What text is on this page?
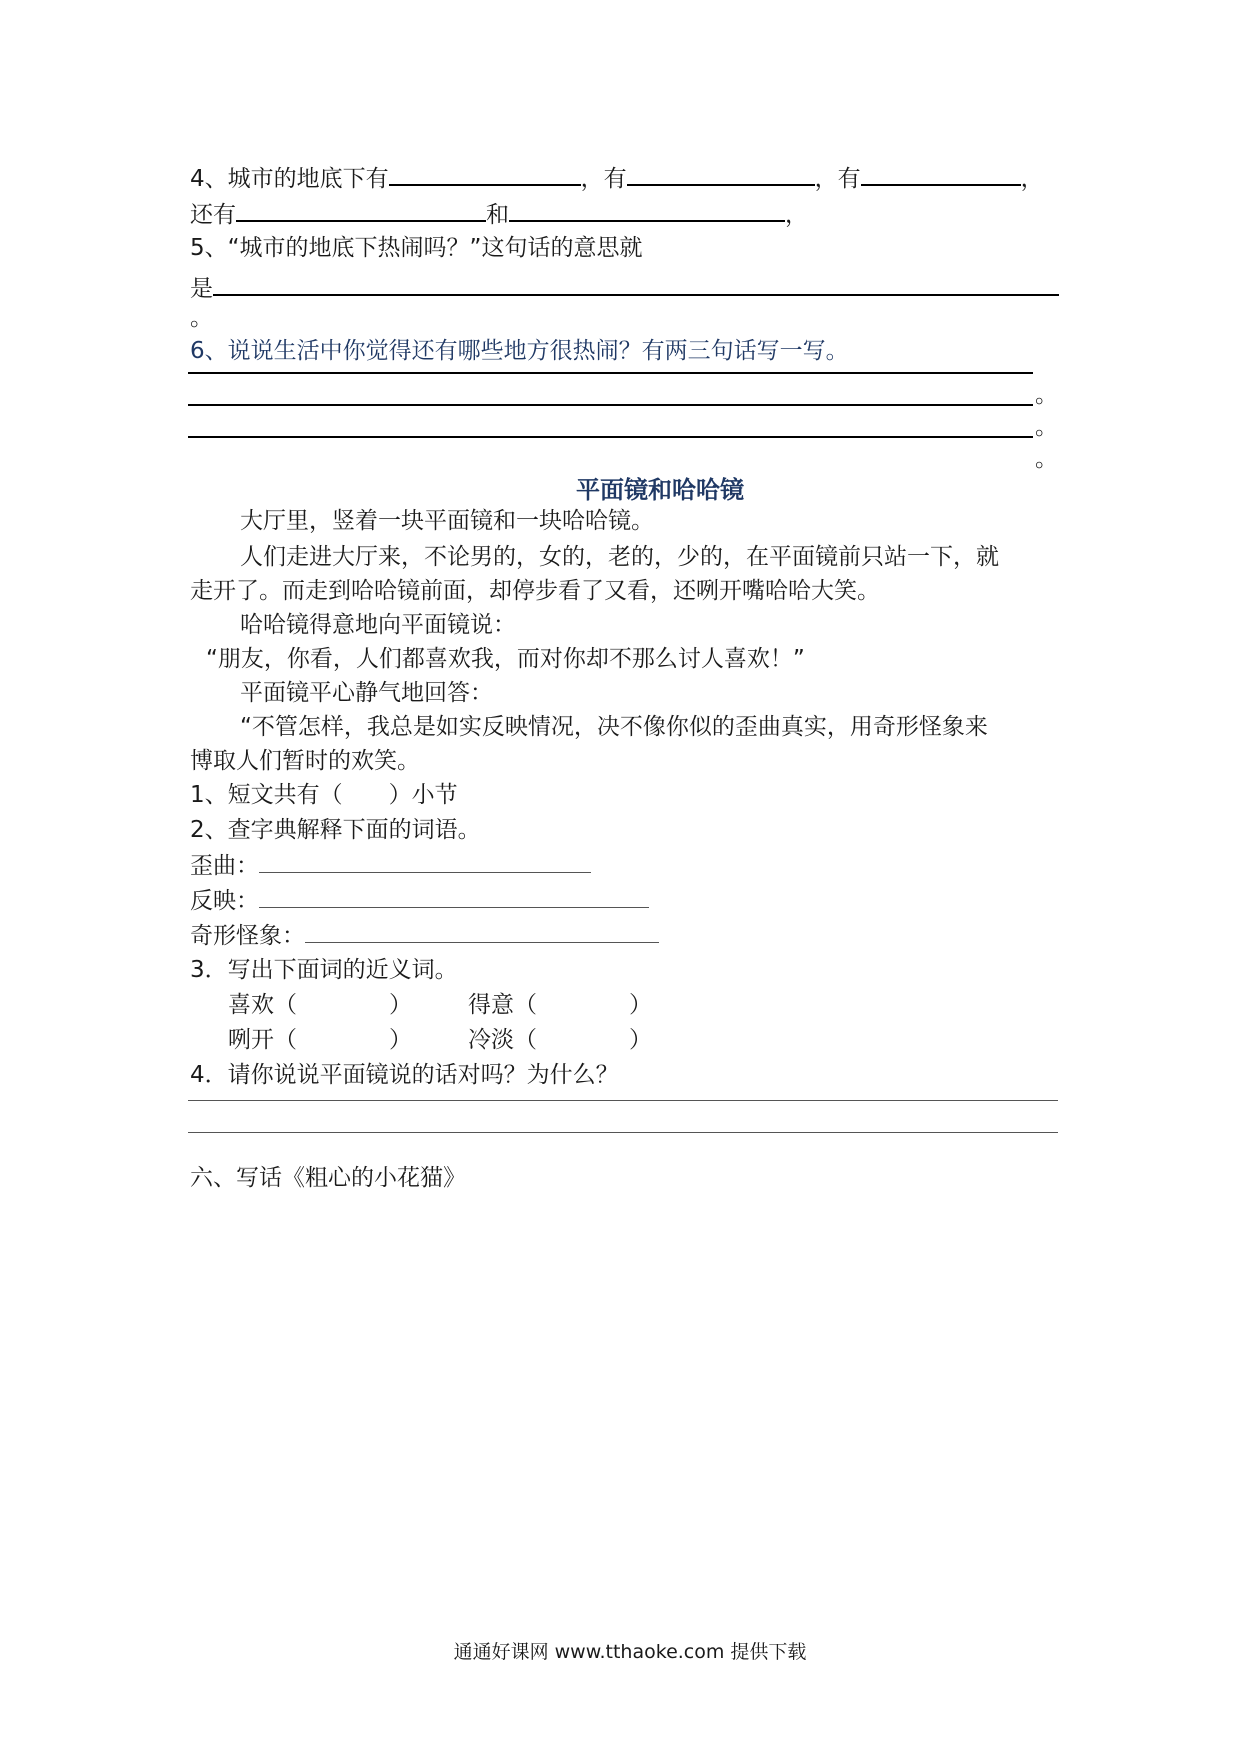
4、城市的地底下有	，有	，有	，
还有	和	，
5、“城市的地底下热闹吗？”这句话的意思就
是
。
6、说说生活中你觉得还有哪些地方很热闹？有两三句话写一写。
。
。
。
平面镜和哈哈镜
大厅里，竖着一块平面镜和一块哈哈镜。
人们走进大厅来，不论男的，女的，老的，少的，在平面镜前只站一下，就
走开了。而走到哈哈镜前面，却停步看了又看，还咧开嘴哈哈大笑。
哈哈镜得意地向平面镜说：
“朋友，你看，人们都喜欢我，而对你却不那么讨人喜欢！”
平面镜平心静气地回答：
“不管怎样，我总是如实反映情况，决不像你似的歪曲真实，用奇形怪象来
博取人们暂时的欢笑。
1、短文共有（　　）小节
2、查字典解释下面的词语。
歪曲：
反映：
奇形怪象：
3．写出下面词的近义词。
喜欢（　　　　） 得意（　　　　）
咧开（　　　　） 冷淡（　　　　）
4．请你说说平面镜说的话对吗？为什么？
六、写话《粗心的小花猫》
通通好课网 www.tthaoke.com 提供下载
